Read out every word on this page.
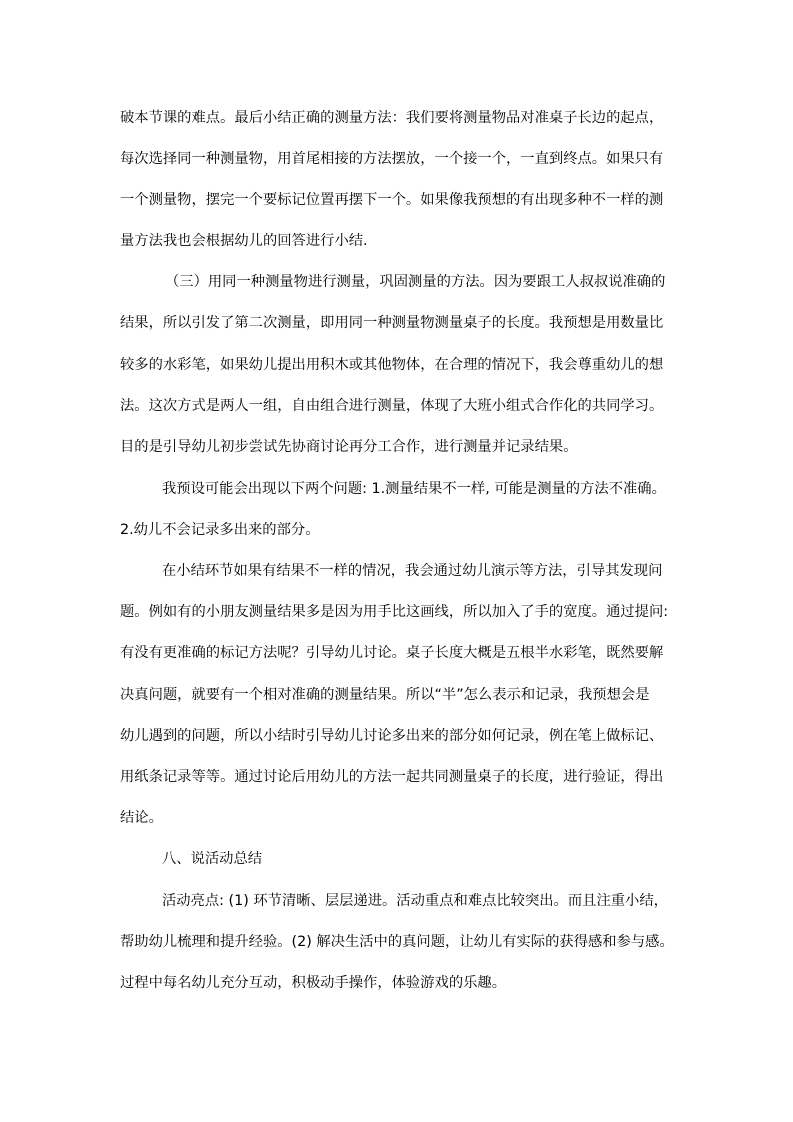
破本节课的难点。最后小结正确的测量方法：我们要将测量物品对准桌子长边的起点，
每次选择同一种测量物，用首尾相接的方法摆放，一个接一个，一直到终点。如果只有
一个测量物，摆完一个要标记位置再摆下一个。如果像我预想的有出现多种不一样的测
量方法我也会根据幼儿的回答进行小结.
（三）用同一种测量物进行测量，巩固测量的方法。因为要跟工人叔叔说准确的
结果，所以引发了第二次测量，即用同一种测量物测量桌子的长度。我预想是用数量比
较多的水彩笔，如果幼儿提出用积木或其他物体，在合理的情况下，我会尊重幼儿的想
法。这次方式是两人一组，自由组合进行测量，体现了大班小组式合作化的共同学习。
目的是引导幼儿初步尝试先协商讨论再分工合作，进行测量并记录结果。
我预设可能会出现以下两个问题: 1.测量结果不一样, 可能是测量的方法不准确。
2.幼儿不会记录多出来的部分。
在小结环节如果有结果不一样的情况，我会通过幼儿演示等方法，引导其发现问
题。例如有的小朋友测量结果多是因为用手比这画线，所以加入了手的宽度。通过提问:
有没有更准确的标记方法呢？引导幼儿讨论。桌子长度大概是五根半水彩笔，既然要解
决真问题，就要有一个相对准确的测量结果。所以“半”怎么表示和记录，我预想会是
幼儿遇到的问题，所以小结时引导幼儿讨论多出来的部分如何记录，例在笔上做标记、
用纸条记录等等。通过讨论后用幼儿的方法一起共同测量桌子的长度，进行验证，得出
结论。
八、说活动总结
活动亮点: (1) 环节清晰、层层递进。活动重点和难点比较突出。而且注重小结，
帮助幼儿梳理和提升经验。(2) 解决生活中的真问题，让幼儿有实际的获得感和参与感。
过程中每名幼儿充分互动，积极动手操作，体验游戏的乐趣。
